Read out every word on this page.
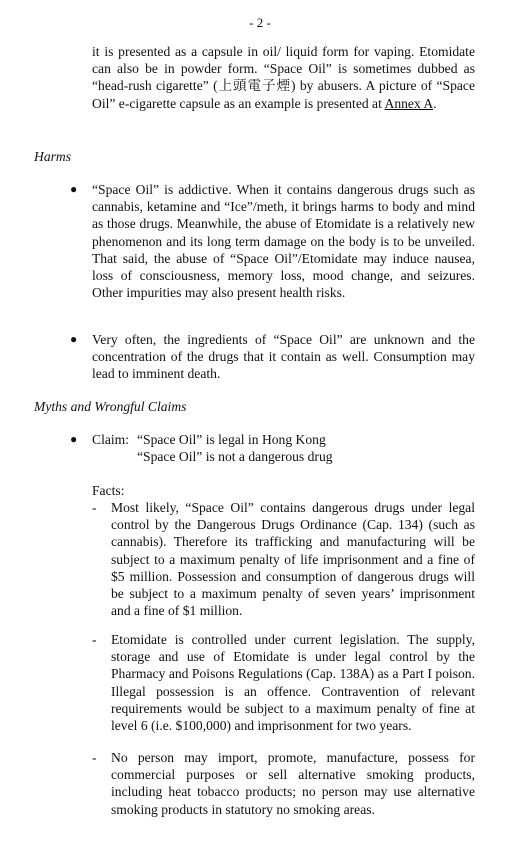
- 2 -

it is presented as a capsule in oil/ liquid form for vaping. Etomidate can also be in powder form. “Space Oil” is sometimes dubbed as “head-rush cigarette” (上頭電子煙) by abusers. A picture of “Space Oil” e-cigarette capsule as an example is presented at Annex A.

Harms
● “Space Oil” is addictive. When it contains dangerous drugs such as cannabis, ketamine and “Ice”/meth, it brings harms to body and mind as those drugs. Meanwhile, the abuse of Etomidate is a relatively new phenomenon and its long term damage on the body is to be unveiled. That said, the abuse of “Space Oil”/Etomidate may induce nausea, loss of consciousness, memory loss, mood change, and seizures. Other impurities may also present health risks.
● Very often, the ingredients of “Space Oil” are unknown and the concentration of the drugs that it contain as well. Consumption may lead to imminent death.
Myths and Wrongful Claims
● Claim: “Space Oil” is legal in Hong Kong
“Space Oil” is not a dangerous drug
Facts:
- Most likely, “Space Oil” contains dangerous drugs under legal control by the Dangerous Drugs Ordinance (Cap. 134) (such as cannabis). Therefore its trafficking and manufacturing will be subject to a maximum penalty of life imprisonment and a fine of $5 million. Possession and consumption of dangerous drugs will be subject to a maximum penalty of seven years’ imprisonment and a fine of $1 million.
- Etomidate is controlled under current legislation. The supply, storage and use of Etomidate is under legal control by the Pharmacy and Poisons Regulations (Cap. 138A) as a Part I poison. Illegal possession is an offence. Contravention of relevant requirements would be subject to a maximum penalty of fine at level 6 (i.e. $100,000) and imprisonment for two years.
- No person may import, promote, manufacture, possess for commercial purposes or sell alternative smoking products, including heat tobacco products; no person may use alternative smoking products in statutory no smoking areas.
